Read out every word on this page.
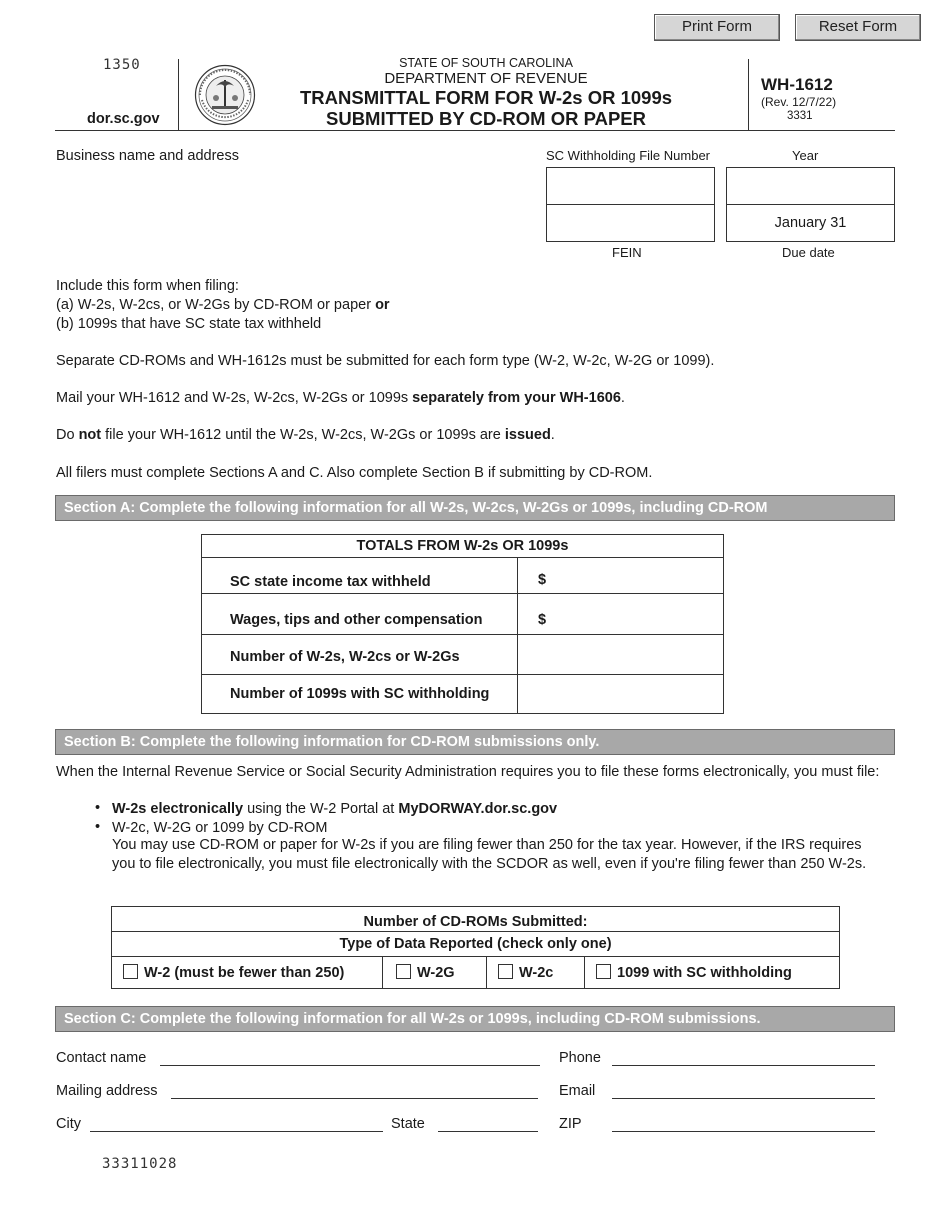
Print Form	Reset Form
1350
dor.sc.gov
STATE OF SOUTH CAROLINA
DEPARTMENT OF REVENUE
TRANSMITTAL FORM FOR W-2s OR 1099s
SUBMITTED BY CD-ROM OR PAPER
WH-1612
(Rev. 12/7/22)
3331
Business name and address	SC Withholding File Number	Year
January 31
FEIN	Due date
Include this form when filing:
(a) W-2s, W-2cs, or W-2Gs by CD-ROM or paper or
(b) 1099s that have SC state tax withheld
Separate CD-ROMs and WH-1612s must be submitted for each form type (W-2, W-2c, W-2G or 1099).
Mail your WH-1612 and W-2s, W-2cs, W-2Gs or 1099s separately from your WH-1606.
Do not file your WH-1612 until the W-2s, W-2cs, W-2Gs or 1099s are issued.
All filers must complete Sections A and C. Also complete Section B if submitting by CD-ROM.
Section A: Complete the following information for all W-2s, W-2cs, W-2Gs or 1099s, including CD-ROM
TOTALS FROM W-2s OR 1099s
SC state income tax withheld	$
Wages, tips and other compensation	$
Number of W-2s, W-2cs or W-2Gs
Number of 1099s with SC withholding
Section B: Complete the following information for CD-ROM submissions only.
When the Internal Revenue Service or Social Security Administration requires you to file these forms electronically, you must file:
• W-2s electronically using the W-2 Portal at MyDORWAY.dor.sc.gov
• W-2c, W-2G or 1099 by CD-ROM
You may use CD-ROM or paper for W-2s if you are filing fewer than 250 for the tax year. However, if the IRS requires you to file electronically, you must file electronically with the SCDOR as well, even if you're filing fewer than 250 W-2s.
Number of CD-ROMs Submitted:
Type of Data Reported (check only one)
W-2 (must be fewer than 250)	W-2G	W-2c	1099 with SC withholding
Section C: Complete the following information for all W-2s or 1099s, including CD-ROM submissions.
Contact name	Phone
Mailing address	Email
City	State	ZIP
33311028
